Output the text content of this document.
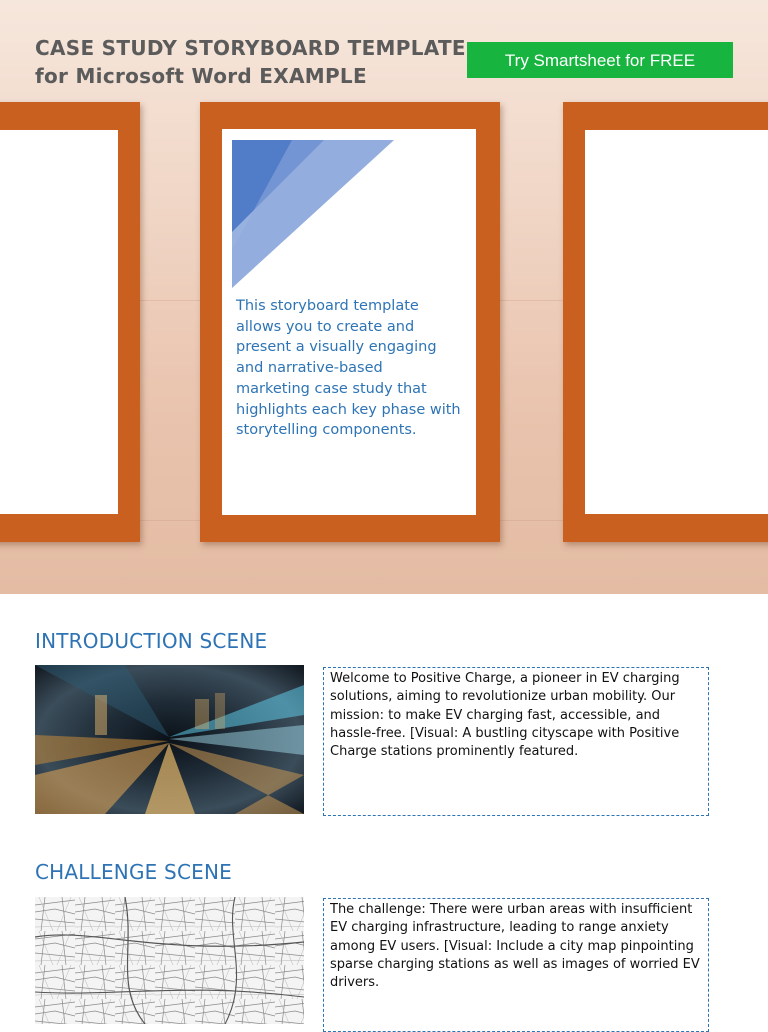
CASE STUDY STORYBOARD TEMPLATE
for Microsoft Word EXAMPLE
Try Smartsheet for FREE
This storyboard template allows you to create and present a visually engaging and narrative-based marketing case study that highlights each key phase with storytelling components.
INTRODUCTION SCENE
Welcome to Positive Charge, a pioneer in EV charging solutions, aiming to revolutionize urban mobility. Our mission: to make EV charging fast, accessible, and hassle-free. [Visual: A bustling cityscape with Positive Charge stations prominently featured.
CHALLENGE SCENE
The challenge: There were urban areas with insufficient EV charging infrastructure, leading to range anxiety among EV users. [Visual: Include a city map pinpointing sparse charging stations as well as images of worried EV drivers.
